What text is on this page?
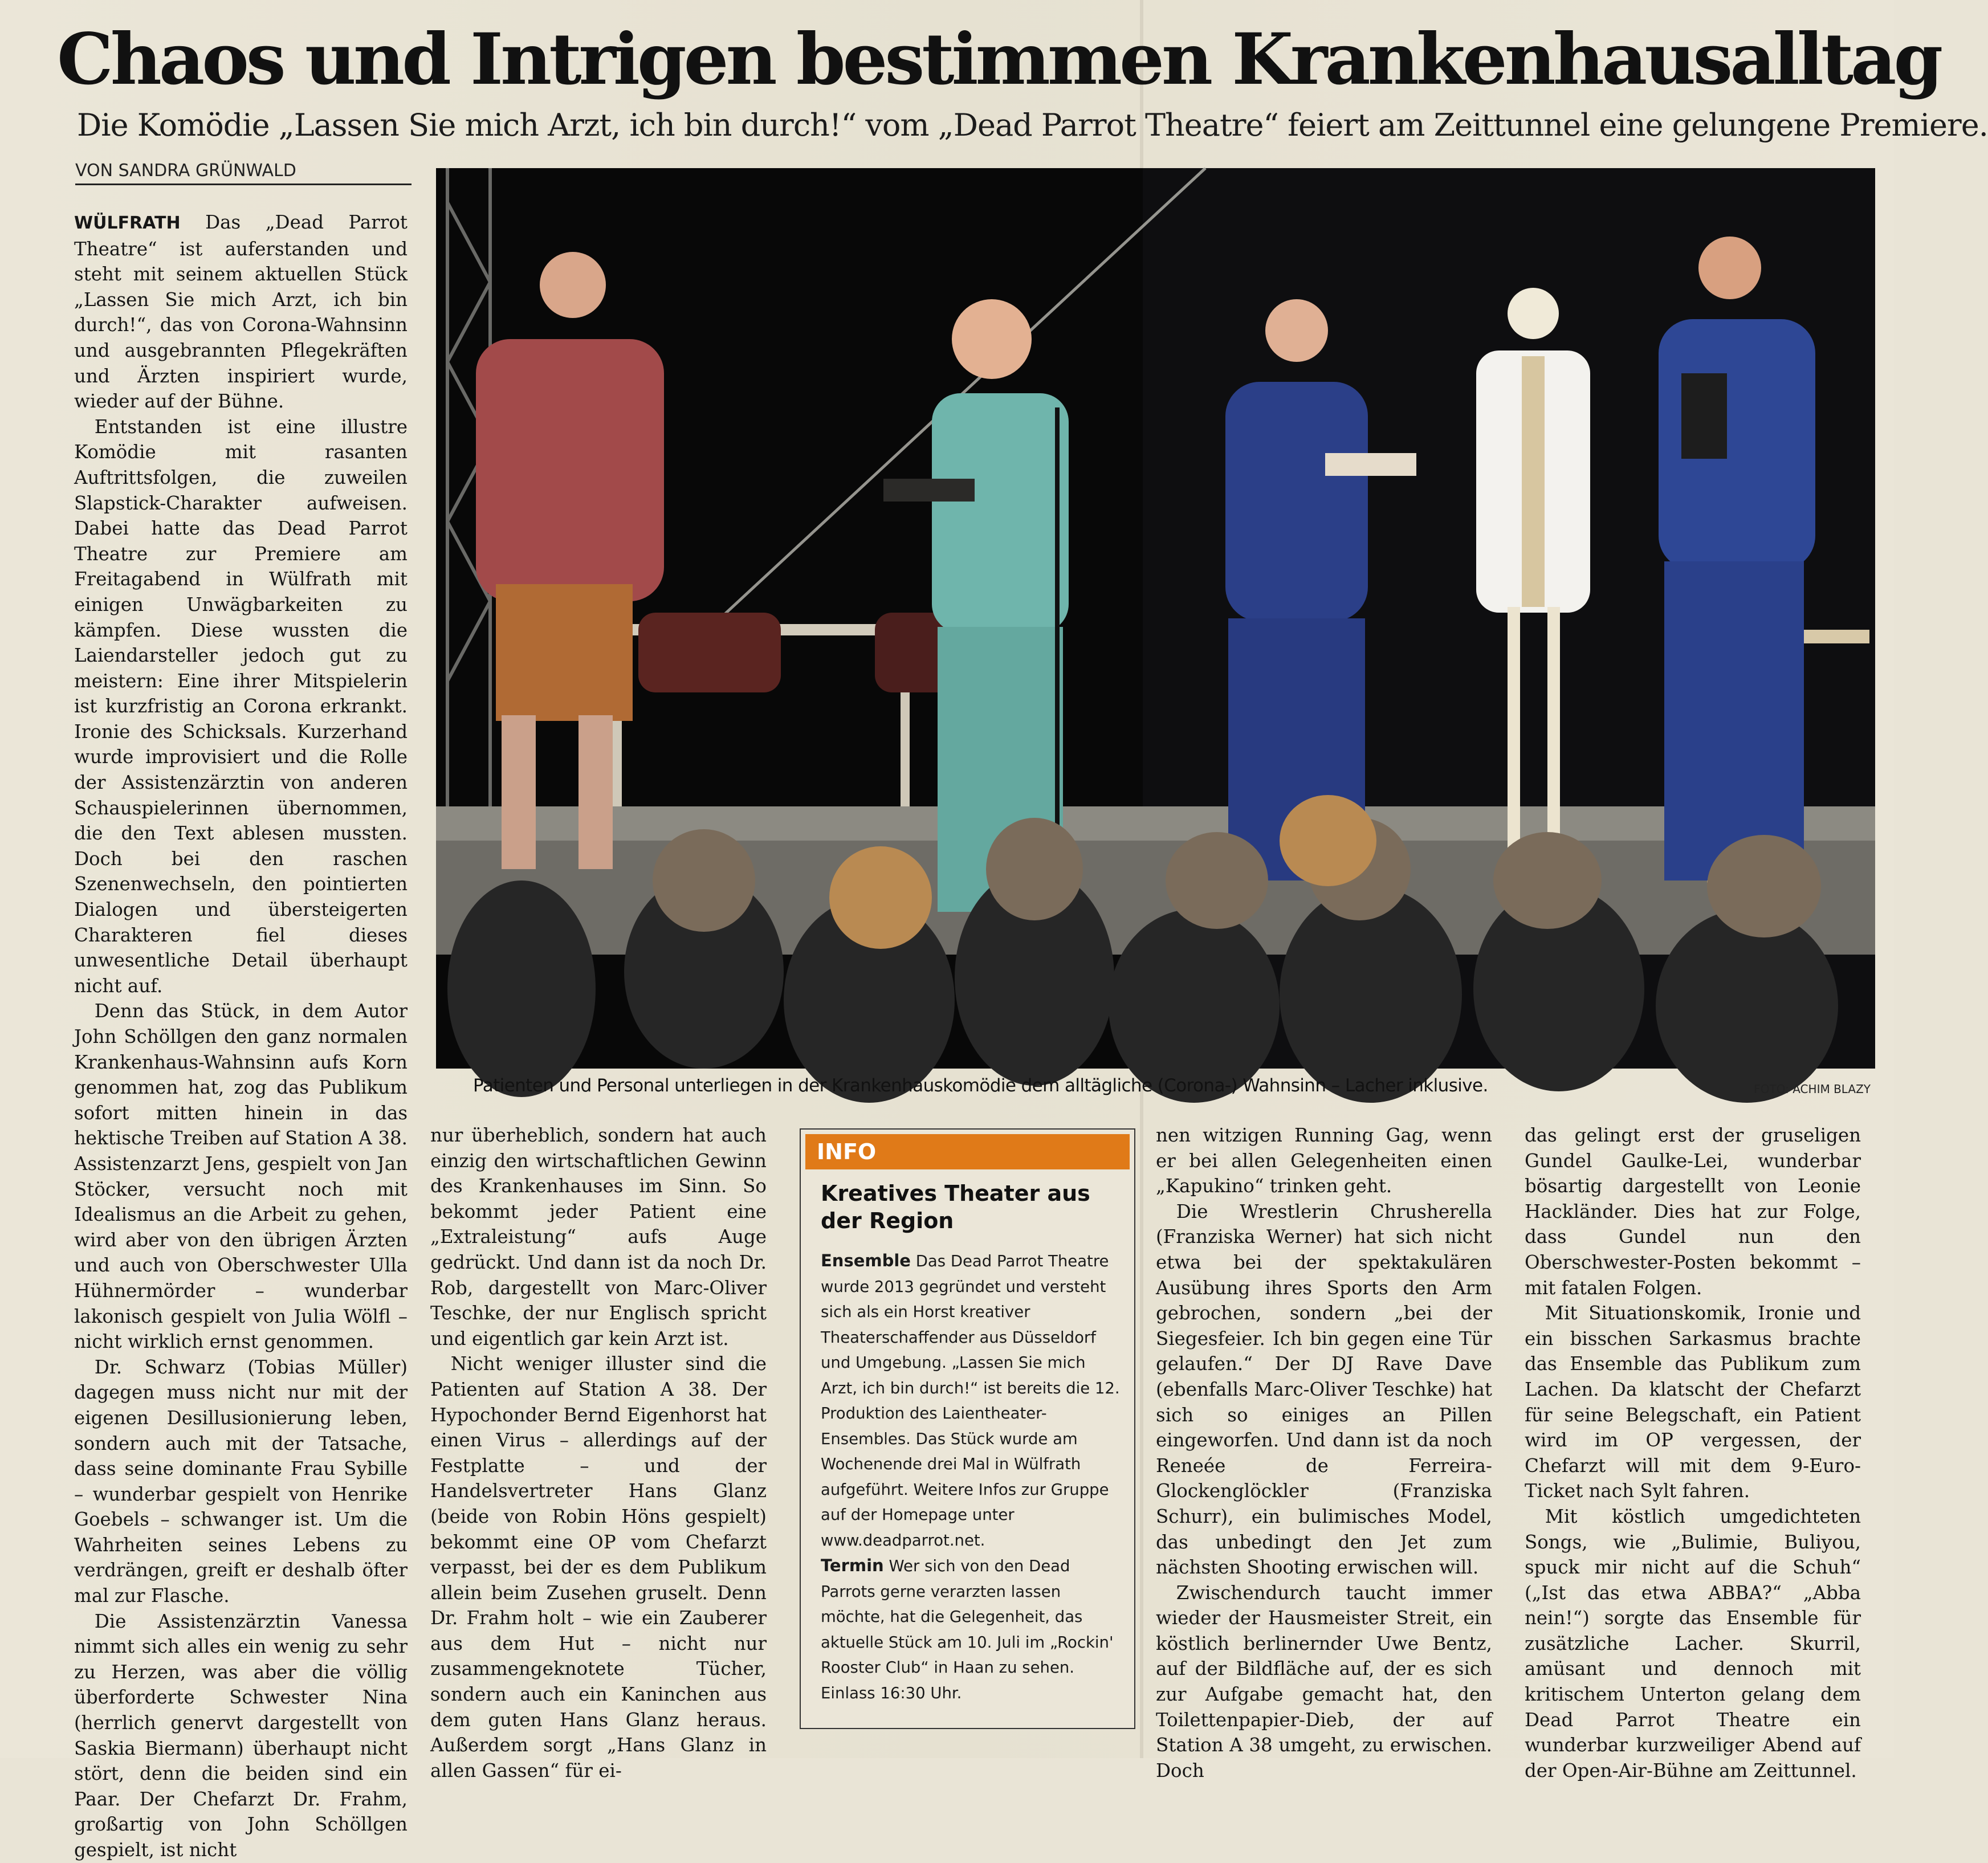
Chaos und Intrigen bestimmen Krankenhausalltag
Die Komödie „Lassen Sie mich Arzt, ich bin durch!“ vom „Dead Parrot Theatre“ feiert am Zeittunnel eine gelungene Premiere.
VON SANDRA GRÜNWALD

WÜLFRATH Das „Dead Parrot Theatre“ ist auferstanden und steht mit seinem aktuellen Stück „Lassen Sie mich Arzt, ich bin durch!“, das von Corona-Wahnsinn und ausgebrannten Pflegekräften und Ärzten inspiriert wurde, wieder auf der Bühne.

Entstanden ist eine illustre Komödie mit rasanten Auftrittsfolgen, die zuweilen Slapstick-Charakter aufweisen. Dabei hatte das Dead Parrot Theatre zur Premiere am Freitagabend in Wülfrath mit einigen Unwägbarkeiten zu kämpfen. Diese wussten die Laiendarsteller jedoch gut zu meistern: Eine ihrer Mitspielerin ist kurzfristig an Corona erkrankt. Ironie des Schicksals. Kurzerhand wurde improvisiert und die Rolle der Assistenzärztin von anderen Schauspielerinnen übernommen, die den Text ablesen mussten. Doch bei den raschen Szenenwechseln, den pointierten Dialogen und übersteigerten Charakteren fiel dieses unwesentliche Detail überhaupt nicht auf.

Denn das Stück, in dem Autor John Schöllgen den ganz normalen Krankenhaus-Wahnsinn aufs Korn genommen hat, zog das Publikum sofort mitten hinein in das hektische Treiben auf Station A 38. Assistenzarzt Jens, gespielt von Jan Stöcker, versucht noch mit Idealismus an die Arbeit zu gehen, wird aber von den übrigen Ärzten und auch von Oberschwester Ulla Hühnermörder – wunderbar lakonisch gespielt von Julia Wölfl – nicht wirklich ernst genommen.

Dr. Schwarz (Tobias Müller) dagegen muss nicht nur mit der eigenen Desillusionierung leben, sondern auch mit der Tatsache, dass seine dominante Frau Sybille – wunderbar gespielt von Henrike Goebels – schwanger ist. Um die Wahrheiten seines Lebens zu verdrängen, greift er deshalb öfter mal zur Flasche.

Die Assistenzärztin Vanessa nimmt sich alles ein wenig zu sehr zu Herzen, was aber die völlig überforderte Schwester Nina (herrlich genervt dargestellt von Saskia Biermann) überhaupt nicht stört, denn die beiden sind ein Paar. Der Chefarzt Dr. Frahm, großartig von John Schöllgen gespielt, ist nicht

Patienten und Personal unterliegen in der Krankenhauskomödie dem alltägliche (Corona-) Wahnsinn – Lacher inklusive.	FOTO: ACHIM BLAZY

nur überheblich, sondern hat auch einzig den wirtschaftlichen Gewinn des Krankenhauses im Sinn. So bekommt jeder Patient eine „Extraleistung“ aufs Auge gedrückt. Und dann ist da noch Dr. Rob, dargestellt von Marc-Oliver Teschke, der nur Englisch spricht und eigentlich gar kein Arzt ist.

Nicht weniger illuster sind die Patienten auf Station A 38. Der Hypochonder Bernd Eigenhorst hat einen Virus – allerdings auf der Festplatte – und der Handelsvertreter Hans Glanz (beide von Robin Höns gespielt) bekommt eine OP vom Chefarzt verpasst, bei der es dem Publikum allein beim Zusehen gruselt. Denn Dr. Frahm holt – wie ein Zauberer aus dem Hut – nicht nur zusammengeknotete Tücher, sondern auch ein Kaninchen aus dem guten Hans Glanz heraus. Außerdem sorgt „Hans Glanz in allen Gassen“ für ei-

INFO
Kreatives Theater aus der Region

Ensemble Das Dead Parrot Theatre wurde 2013 gegründet und versteht sich als ein Horst kreativer Theaterschaffender aus Düsseldorf und Umgebung. „Lassen Sie mich Arzt, ich bin durch!“ ist bereits die 12. Produktion des Laientheater-Ensembles. Das Stück wurde am Wochenende drei Mal in Wülfrath aufgeführt. Weitere Infos zur Gruppe auf der Homepage unter www.deadparrot.net.

Termin Wer sich von den Dead Parrots gerne verarzten lassen möchte, hat die Gelegenheit, das aktuelle Stück am 10. Juli im „Rockin' Rooster Club“ in Haan zu sehen. Einlass 16:30 Uhr.

nen witzigen Running Gag, wenn er bei allen Gelegenheiten einen „Kapukino“ trinken geht.

Die Wrestlerin Chrusherella (Franziska Werner) hat sich nicht etwa bei der spektakulären Ausübung ihres Sports den Arm gebrochen, sondern „bei der Siegesfeier. Ich bin gegen eine Tür gelaufen.“ Der DJ Rave Dave (ebenfalls Marc-Oliver Teschke) hat sich so einiges an Pillen eingeworfen. Und dann ist da noch Reneée de Ferreira-Glockenglöckler (Franziska Schurr), ein bulimisches Model, das unbedingt den Jet zum nächsten Shooting erwischen will.

Zwischendurch taucht immer wieder der Hausmeister Streit, ein köstlich berlinernder Uwe Bentz, auf der Bildfläche auf, der es sich zur Aufgabe gemacht hat, den Toilettenpapier-Dieb, der auf Station A 38 umgeht, zu erwischen. Doch

das gelingt erst der gruseligen Gundel Gaulke-Lei, wunderbar bösartig dargestellt von Leonie Hackländer. Dies hat zur Folge, dass Gundel nun den Oberschwester-Posten bekommt – mit fatalen Folgen.

Mit Situationskomik, Ironie und ein bisschen Sarkasmus brachte das Ensemble das Publikum zum Lachen. Da klatscht der Chefarzt für seine Belegschaft, ein Patient wird im OP vergessen, der Chefarzt will mit dem 9-Euro-Ticket nach Sylt fahren.

Mit köstlich umgedichteten Songs, wie „Bulimie, Buliyou, spuck mir nicht auf die Schuh“ („Ist das etwa ABBA?“ „Abba nein!“) sorgte das Ensemble für zusätzliche Lacher. Skurril, amüsant und dennoch mit kritischem Unterton gelang dem Dead Parrot Theatre ein wunderbar kurzweiliger Abend auf der Open-Air-Bühne am Zeittunnel.
